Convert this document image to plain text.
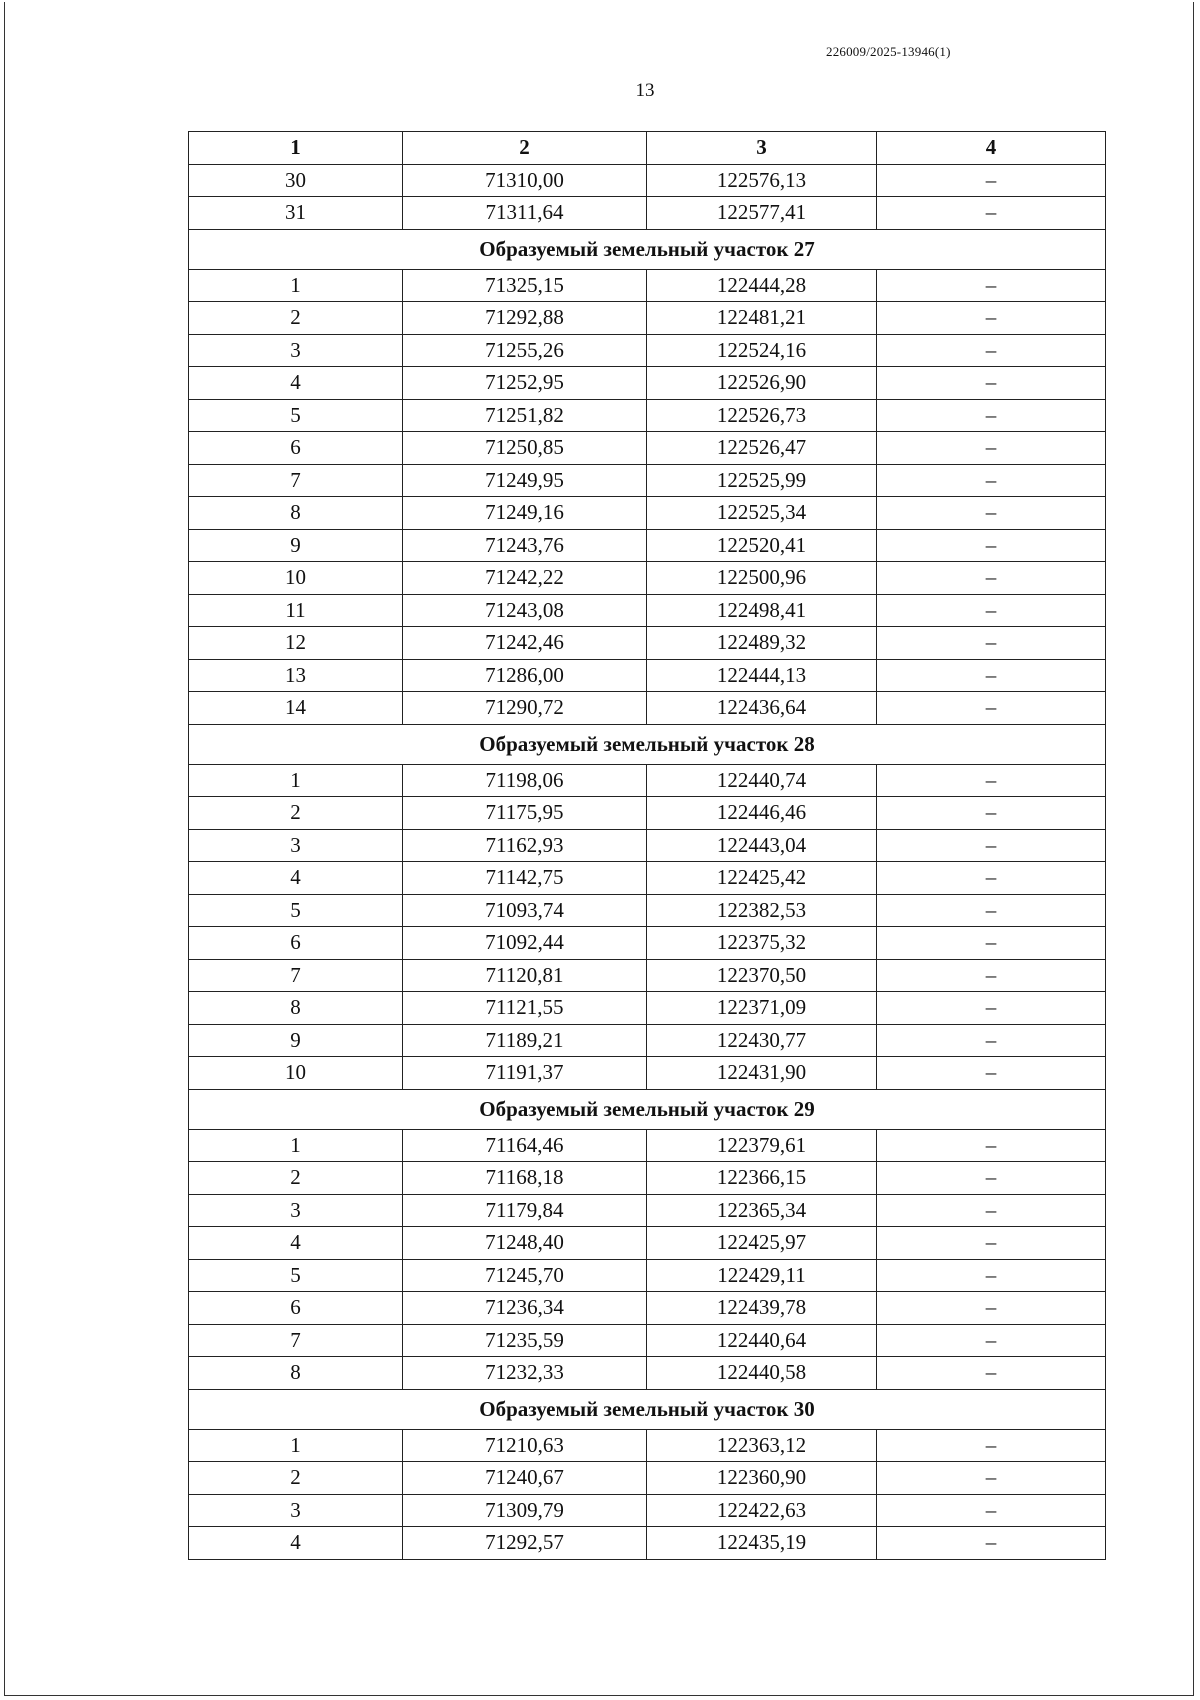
226009/2025-13946(1)
13
1	2	3	4
30	71310,00	122576,13	–
31	71311,64	122577,41	–
Образуемый земельный участок 27			
1	71325,15	122444,28	–
2	71292,88	122481,21	–
3	71255,26	122524,16	–
4	71252,95	122526,90	–
5	71251,82	122526,73	–
6	71250,85	122526,47	–
7	71249,95	122525,99	–
8	71249,16	122525,34	–
9	71243,76	122520,41	–
10	71242,22	122500,96	–
11	71243,08	122498,41	–
12	71242,46	122489,32	–
13	71286,00	122444,13	–
14	71290,72	122436,64	–
Образуемый земельный участок 28			
1	71198,06	122440,74	–
2	71175,95	122446,46	–
3	71162,93	122443,04	–
4	71142,75	122425,42	–
5	71093,74	122382,53	–
6	71092,44	122375,32	–
7	71120,81	122370,50	–
8	71121,55	122371,09	–
9	71189,21	122430,77	–
10	71191,37	122431,90	–
Образуемый земельный участок 29			
1	71164,46	122379,61	–
2	71168,18	122366,15	–
3	71179,84	122365,34	–
4	71248,40	122425,97	–
5	71245,70	122429,11	–
6	71236,34	122439,78	–
7	71235,59	122440,64	–
8	71232,33	122440,58	–
Образуемый земельный участок 30			
1	71210,63	122363,12	–
2	71240,67	122360,90	–
3	71309,79	122422,63	–
4	71292,57	122435,19	–
